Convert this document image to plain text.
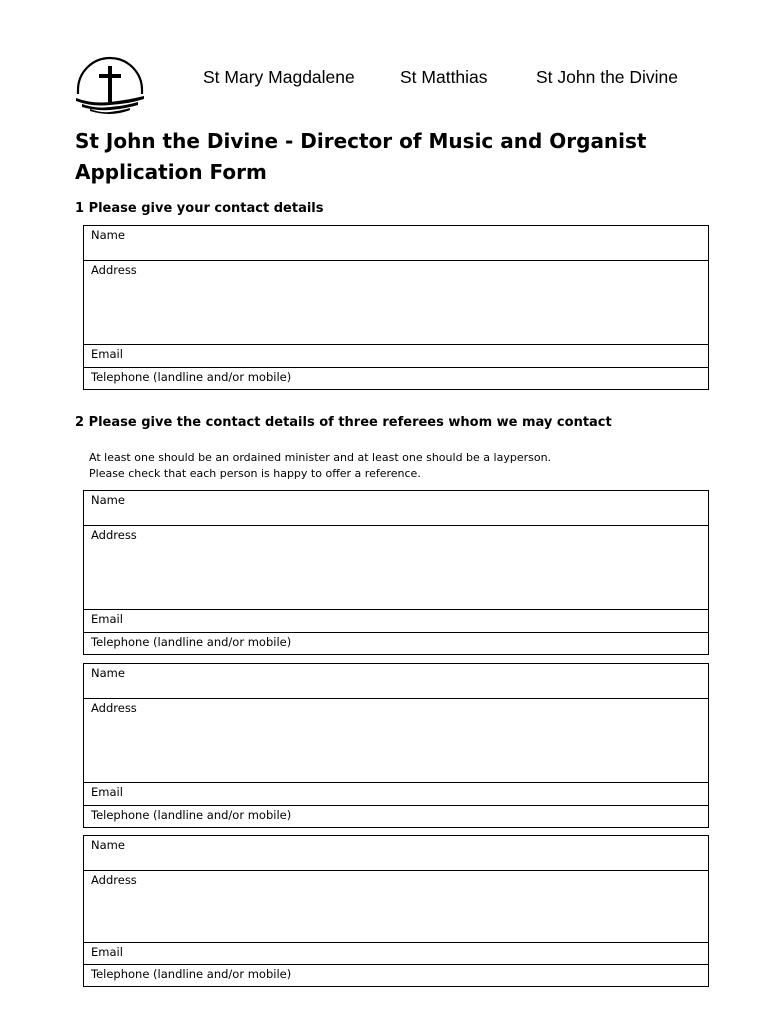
St Mary Magdalene	St Matthias	St John the Divine
St John the Divine - Director of Music and Organist
Application Form
1 Please give your contact details
Name
Address
Email
Telephone (landline and/or mobile)
2 Please give the contact details of three referees whom we may contact
At least one should be an ordained minister and at least one should be a layperson.
Please check that each person is happy to offer a reference.
Name
Address
Email
Telephone (landline and/or mobile)
Name
Address
Email
Telephone (landline and/or mobile)
Name
Address
Email
Telephone (landline and/or mobile)
